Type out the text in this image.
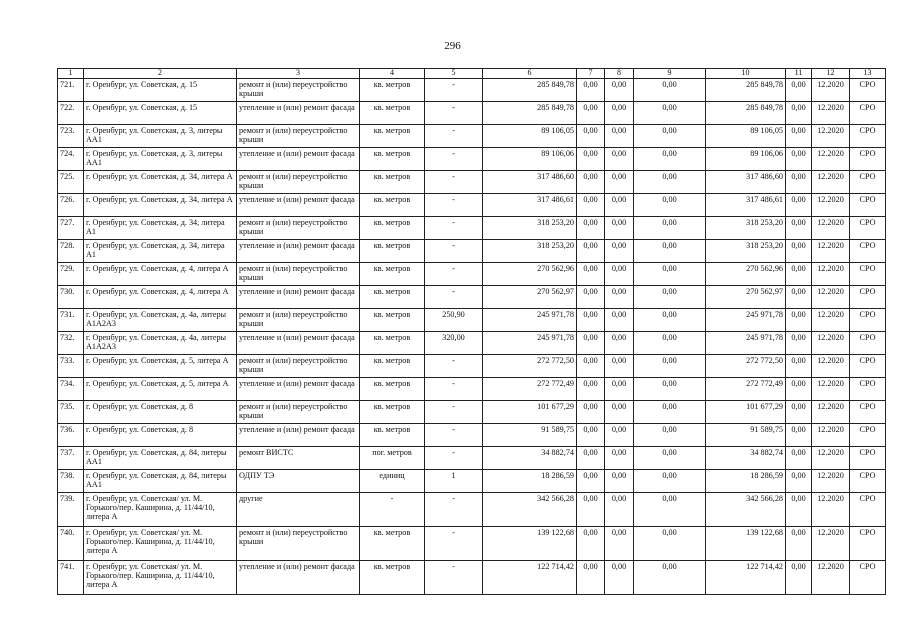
296
1	2	3	4	5	6	7	8	9	10	11	12	13
721.	г. Оренбург, ул. Советская, д. 15	ремонт и (или) переустройство крыши	кв. метров	-	285 849,78	0,00	0,00	0,00	285 849,78	0,00	12.2020	СРО
722.	г. Оренбург, ул. Советская, д. 15	утепление и (или) ремонт фасада	кв. метров	-	285 849,78	0,00	0,00	0,00	285 849,78	0,00	12.2020	СРО
723.	г. Оренбург, ул. Советская, д. 3, литеры АА1	ремонт и (или) переустройство крыши	кв. метров	-	89 106,05	0,00	0,00	0,00	89 106,05	0,00	12.2020	СРО
724.	г. Оренбург, ул. Советская, д. 3, литеры АА1	утепление и (или) ремонт фасада	кв. метров	-	89 106,06	0,00	0,00	0,00	89 106,06	0,00	12.2020	СРО
725.	г. Оренбург, ул. Советская, д. 34, литера А	ремонт и (или) переустройство крыши	кв. метров	-	317 486,60	0,00	0,00	0,00	317 486,60	0,00	12.2020	СРО
726.	г. Оренбург, ул. Советская, д. 34, литера А	утепление и (или) ремонт фасада	кв. метров	-	317 486,61	0,00	0,00	0,00	317 486,61	0,00	12.2020	СРО
727.	г. Оренбург, ул. Советская, д. 34, литера А1	ремонт и (или) переустройство крыши	кв. метров	-	318 253,20	0,00	0,00	0,00	318 253,20	0,00	12.2020	СРО
728.	г. Оренбург, ул. Советская, д. 34, литера А1	утепление и (или) ремонт фасада	кв. метров	-	318 253,20	0,00	0,00	0,00	318 253,20	0,00	12.2020	СРО
729.	г. Оренбург, ул. Советская, д. 4, литера А	ремонт и (или) переустройство крыши	кв. метров	-	270 562,96	0,00	0,00	0,00	270 562,96	0,00	12.2020	СРО
730.	г. Оренбург, ул. Советская, д. 4, литера А	утепление и (или) ремонт фасада	кв. метров	-	270 562,97	0,00	0,00	0,00	270 562,97	0,00	12.2020	СРО
731.	г. Оренбург, ул. Советская, д. 4а, литеры А1А2А3	ремонт и (или) переустройство крыши	кв. метров	250,90	245 971,78	0,00	0,00	0,00	245 971,78	0,00	12.2020	СРО
732.	г. Оренбург, ул. Советская, д. 4а, литеры А1А2А3	утепление и (или) ремонт фасада	кв. метров	320,00	245 971,78	0,00	0,00	0,00	245 971,78	0,00	12.2020	СРО
733.	г. Оренбург, ул. Советская, д. 5, литера А	ремонт и (или) переустройство крыши	кв. метров	-	272 772,50	0,00	0,00	0,00	272 772,50	0,00	12.2020	СРО
734.	г. Оренбург, ул. Советская, д. 5, литера А	утепление и (или) ремонт фасада	кв. метров	-	272 772,49	0,00	0,00	0,00	272 772,49	0,00	12.2020	СРО
735.	г. Оренбург, ул. Советская, д. 8	ремонт и (или) переустройство крыши	кв. метров	-	101 677,29	0,00	0,00	0,00	101 677,29	0,00	12.2020	СРО
736.	г. Оренбург, ул. Советская, д. 8	утепление и (или) ремонт фасада	кв. метров	-	91 589,75	0,00	0,00	0,00	91 589,75	0,00	12.2020	СРО
737.	г. Оренбург, ул. Советская, д. 84, литеры АА1	ремонт ВИСТС	пог. метров	-	34 882,74	0,00	0,00	0,00	34 882,74	0,00	12.2020	СРО
738.	г. Оренбург, ул. Советская, д. 84, литеры АА1	ОДПУ ТЭ	единиц	1	18 286,59	0,00	0,00	0,00	18 286,59	0,00	12.2020	СРО
739.	г. Оренбург, ул. Советская/ ул. М. Горького/пер. Каширина, д. 11/44/10, литера А	другие	-	-	342 566,28	0,00	0,00	0,00	342 566,28	0,00	12.2020	СРО
740.	г. Оренбург, ул. Советская/ ул. М. Горького/пер. Каширина, д. 11/44/10, литера А	ремонт и (или) переустройство крыши	кв. метров	-	139 122,68	0,00	0,00	0,00	139 122,68	0,00	12.2020	СРО
741.	г. Оренбург, ул. Советская/ ул. М. Горького/пер. Каширина, д. 11/44/10, литера А	утепление и (или) ремонт фасада	кв. метров	-	122 714,42	0,00	0,00	0,00	122 714,42	0,00	12.2020	СРО
